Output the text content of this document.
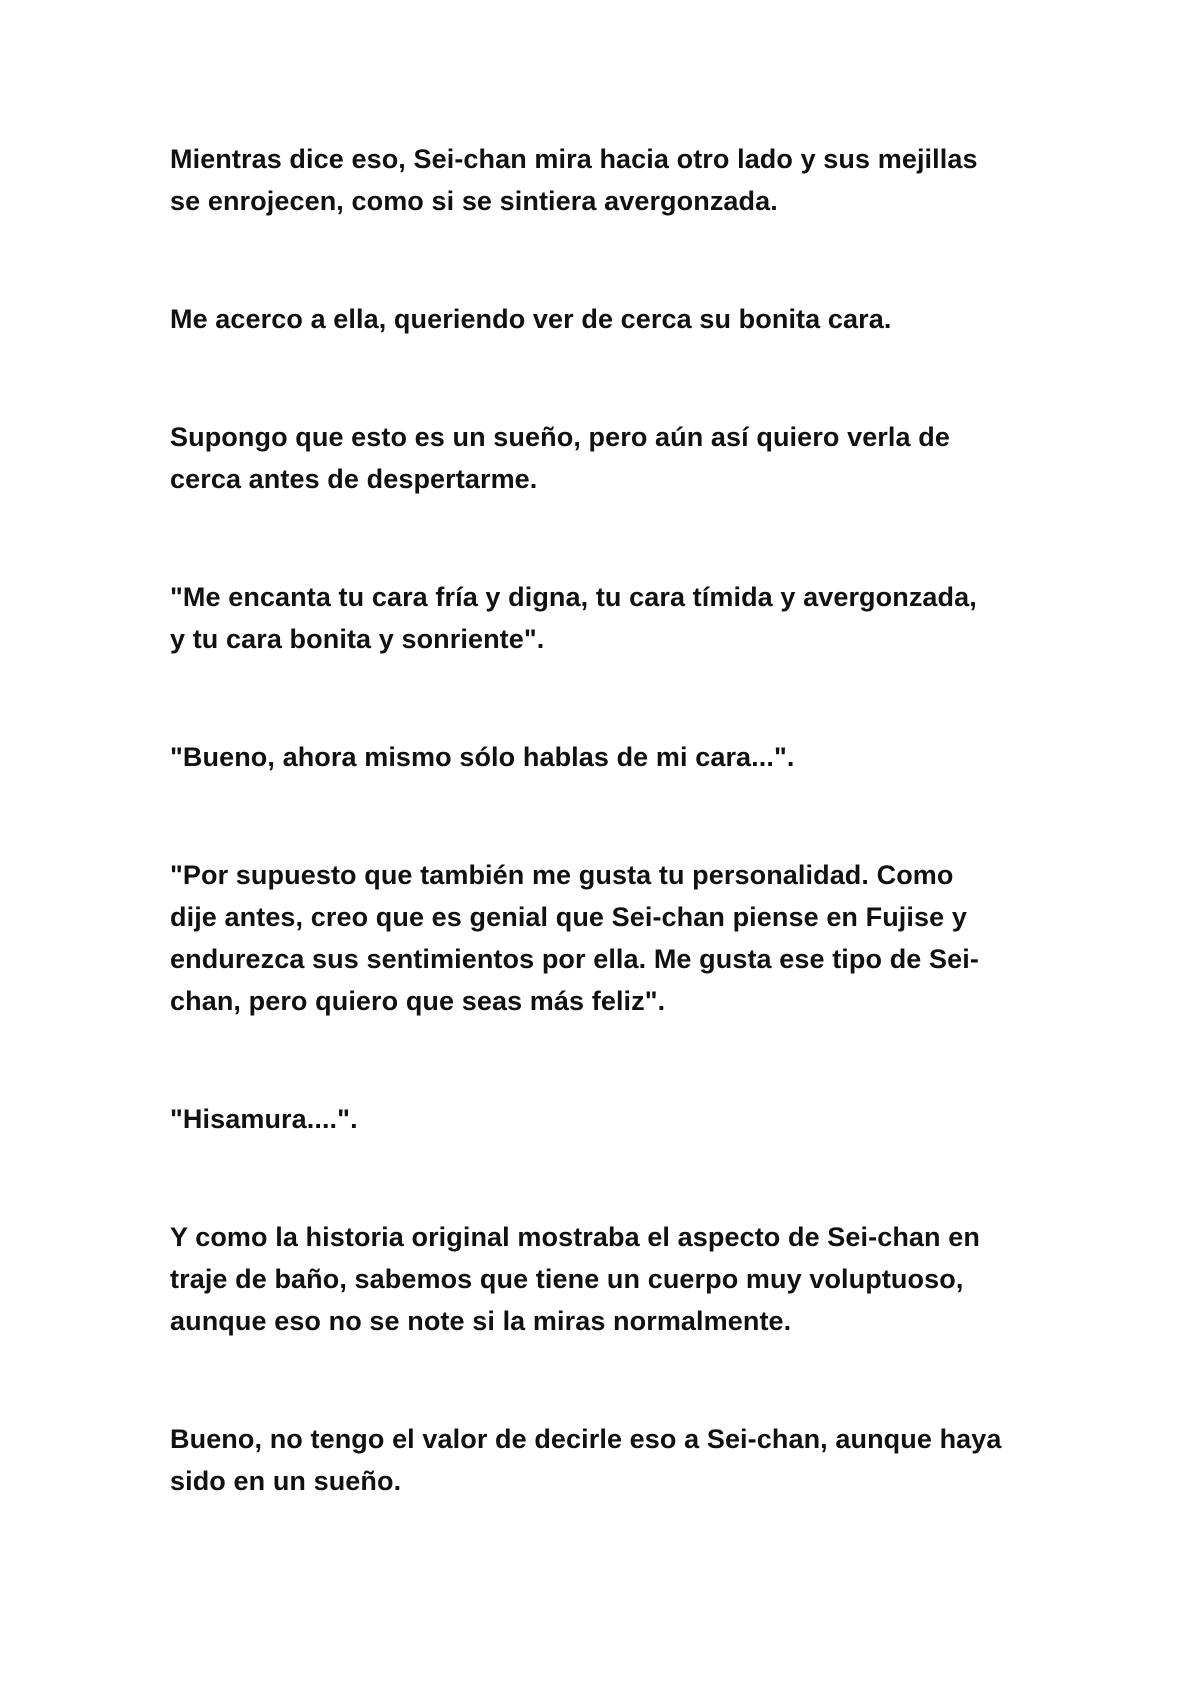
Mientras dice eso, Sei-chan mira hacia otro lado y sus mejillas
se enrojecen, como si se sintiera avergonzada.

Me acerco a ella, queriendo ver de cerca su bonita cara.

Supongo que esto es un sueño, pero aún así quiero verla de
cerca antes de despertarme.

"Me encanta tu cara fría y digna, tu cara tímida y avergonzada,
y tu cara bonita y sonriente".

"Bueno, ahora mismo sólo hablas de mi cara...".

"Por supuesto que también me gusta tu personalidad. Como
dije antes, creo que es genial que Sei-chan piense en Fujise y
endurezca sus sentimientos por ella. Me gusta ese tipo de Sei-
chan, pero quiero que seas más feliz".

"Hisamura....".

Y como la historia original mostraba el aspecto de Sei-chan en
traje de baño, sabemos que tiene un cuerpo muy voluptuoso,
aunque eso no se note si la miras normalmente.

Bueno, no tengo el valor de decirle eso a Sei-chan, aunque haya
sido en un sueño.
